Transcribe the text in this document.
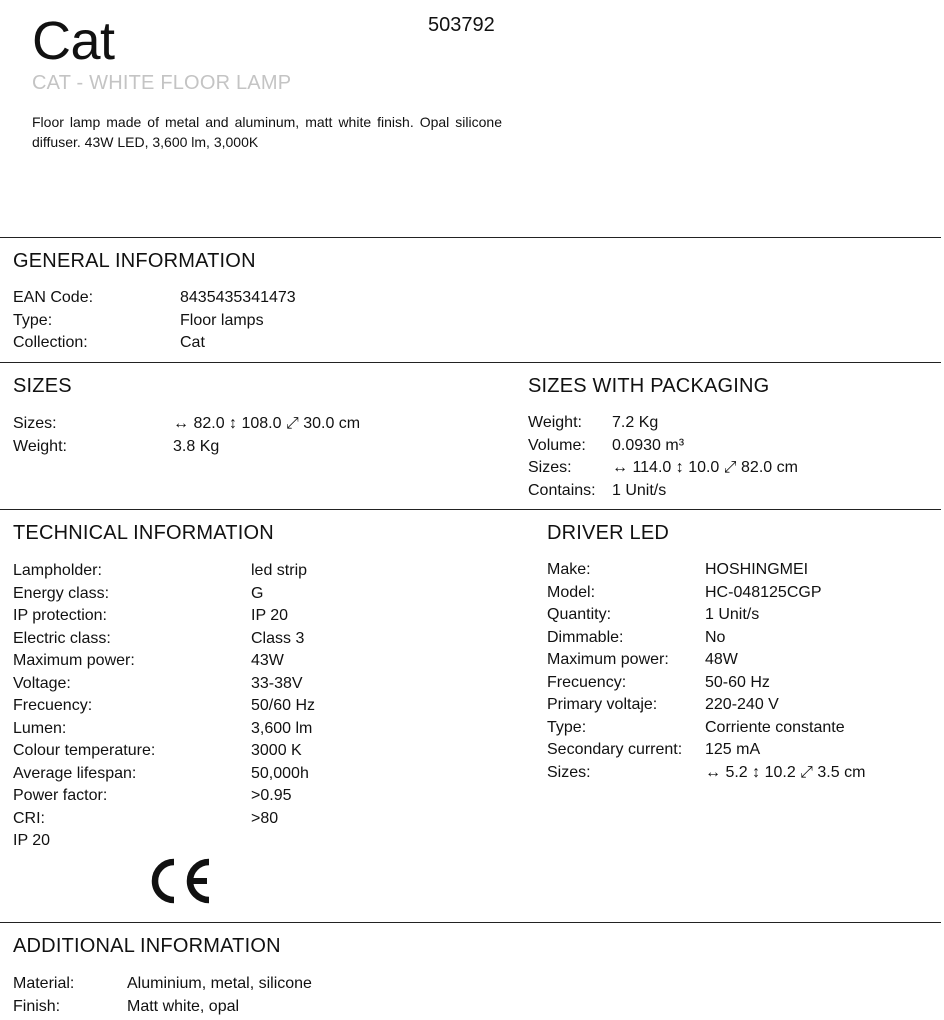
Cat	503792
CAT - WHITE FLOOR LAMP
Floor lamp made of metal and aluminum, matt white finish. Opal silicone diffuser. 43W LED, 3,600 lm, 3,000K
GENERAL INFORMATION
EAN Code:	8435435341473
Type:	Floor lamps
Collection:	Cat
SIZES
Sizes:	↔ 82.0 ↕ 108.0 ⤢ 30.0 cm
Weight:	3.8 Kg
SIZES WITH PACKAGING
Weight:	7.2 Kg
Volume:	0.0930 m³
Sizes:	↔ 114.0 ↕ 10.0 ⤢ 82.0 cm
Contains:	1 Unit/s
TECHNICAL INFORMATION
Lampholder:	led strip
Energy class:	G
IP protection:	IP 20
Electric class:	Class 3
Maximum power:	43W
Voltage:	33-38V
Frecuency:	50/60 Hz
Lumen:	3,600 lm
Colour temperature:	3000 K
Average lifespan:	50,000h
Power factor:	>0.95
CRI:	>80
IP 20
DRIVER LED
Make:	HOSHINGMEI
Model:	HC-048125CGP
Quantity:	1 Unit/s
Dimmable:	No
Maximum power:	48W
Frecuency:	50-60 Hz
Primary voltaje:	220-240 V
Type:	Corriente constante
Secondary current:	125 mA
Sizes:	↔ 5.2 ↕ 10.2 ⤢ 3.5 cm
ADDITIONAL INFORMATION
Material:	Aluminium, metal, silicone
Finish:	Matt white, opal
